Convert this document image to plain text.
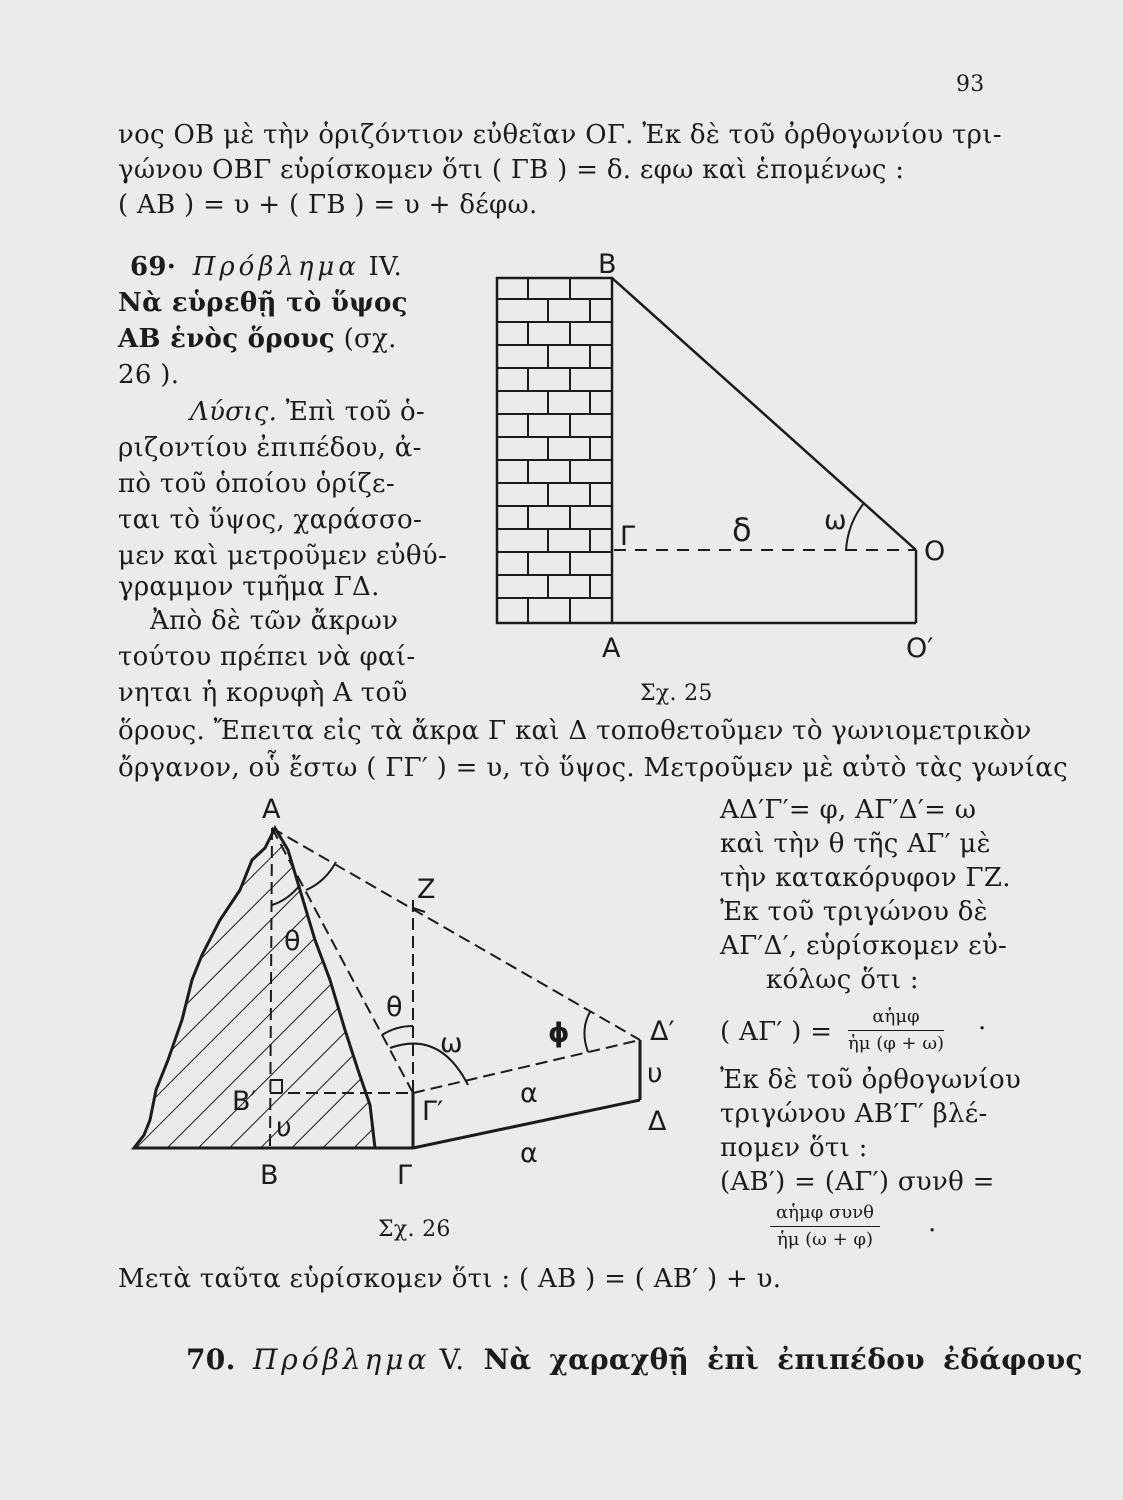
93
νος ΟΒ μὲ τὴν ὁριζόντιον εὐθεῖαν ΟΓ. Ἐκ δὲ τοῦ ὀρθογωνίου τρι-
γώνου ΟΒΓ εὑρίσκομεν ὅτι ( ΓΒ ) = δ. εφω καὶ ἑπομένως :
( ΑΒ ) = υ + ( ΓΒ ) = υ + δέφω.
69· Πρόβλημα IV.
Νὰ εὑρεθῇ τὸ ὕψος
ΑΒ ἑνὸς ὅρους (σχ.
26 ).
Λύσις. Ἐπὶ τοῦ ὁ-
ριζοντίου ἐπιπέδου, ἀ-
πὸ τοῦ ὁποίου ὁρίζε-
ται τὸ ὕψος, χαράσσο-
μεν καὶ μετροῦμεν εὐθύ-
γραμμον τμῆμα ΓΔ.
Ἀπὸ δὲ τῶν ἄκρων
τούτου πρέπει νὰ φαί-
νηται ἡ κορυφὴ Α τοῦ
B
Γ	δ	ω
O
A	O′
Σχ. 25
ὅρους. Ἔπειτα εἰς τὰ ἄκρα Γ καὶ Δ τοποθετοῦμεν τὸ γωνιομετρικὸν
ὄργανον, οὗ ἔστω ( ΓΓ′ ) = υ, τὸ ὕψος. Μετροῦμεν μὲ αὐτὸ τὰς γωνίας
A
Z
θ
θ
ϕ
ω	Δ′
υ
Δ
α
α
B′	Γ′
υ
B	Γ
Σχ. 26
ΑΔ′Γ′= φ, ΑΓ′Δ′= ω
καὶ τὴν θ τῆς ΑΓ′ μὲ
τὴν κατακόρυφον ΓΖ.
Ἐκ τοῦ τριγώνου δὲ
ΑΓ′Δ′, εὑρίσκομεν εὐ-
κόλως ὅτι :
( ΑΓ′ ) =
αἡμφ
ἡμ (φ + ω) ·
Ἐκ δὲ τοῦ ὀρθογωνίου
τριγώνου ΑΒ′Γ′ βλέ-
πομεν ὅτι :
(ΑΒ′) = (ΑΓ′) συνθ =
αἡμφ συνθ
ἡμ (ω + φ)
.
Μετὰ ταῦτα εὑρίσκομεν ὅτι : ( ΑΒ ) = ( ΑΒ′ ) + υ.
70. Πρόβλημα V. Νὰ χαραχθῇ ἐπὶ ἐπιπέδου ἐδάφους
